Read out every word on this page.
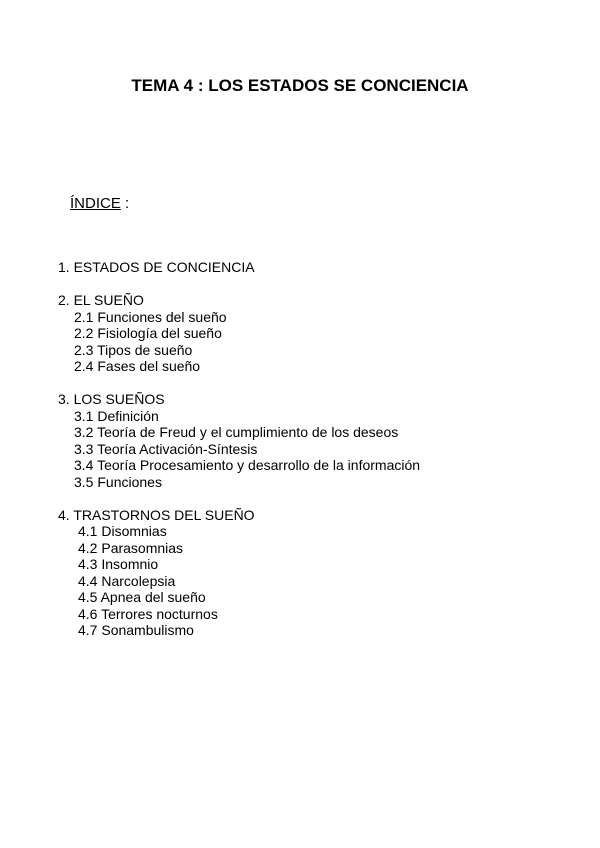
TEMA 4 : LOS ESTADOS SE CONCIENCIA
ÍNDICE :
1. ESTADOS DE CONCIENCIA
2. EL SUEÑO
2.1 Funciones del sueño
2.2 Fisiología del sueño
2.3 Tipos de sueño
2.4 Fases del sueño
3. LOS SUEÑOS
3.1 Definición
3.2 Teoría de Freud y el cumplimiento de los deseos
3.3 Teoría Activación-Síntesis
3.4 Teoría Procesamiento y desarrollo de la información
3.5 Funciones
4. TRASTORNOS DEL SUEÑO
4.1 Disomnias
4.2 Parasomnias
4.3 Insomnio
4.4 Narcolepsia
4.5 Apnea del sueño
4.6 Terrores nocturnos
4.7 Sonambulismo
